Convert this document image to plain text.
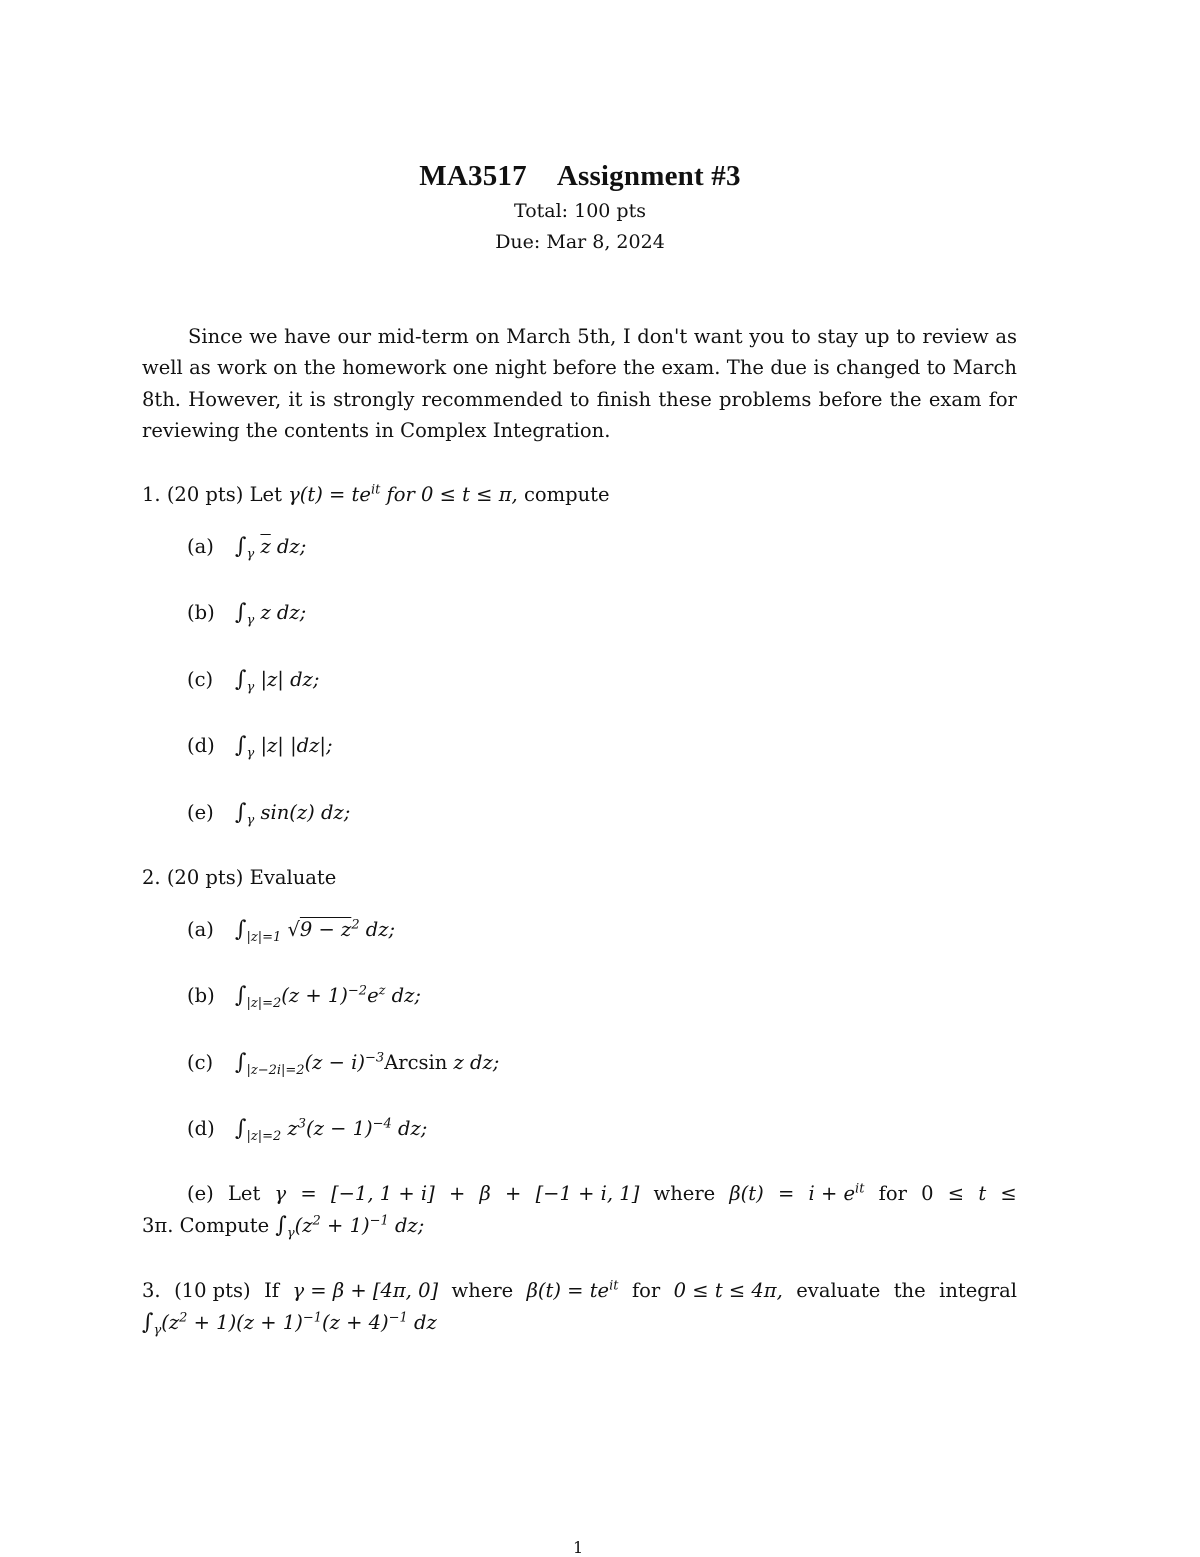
MA3517 Assignment #3
Total: 100 pts
Due: Mar 8, 2024
Since we have our mid-term on March 5th, I don't want you to stay up to review as well as work on the homework one night before the exam. The due is changed to March 8th. However, it is strongly recommended to finish these problems before the exam for reviewing the contents in Complex Integration.
1. (20 pts) Let $\gamma(t) = te^{it}$ for 0 ≤ t ≤ π, compute
(a) $\int_\gamma$ $\overline{z}$ dz;
(b) $\int_\gamma$ z dz;
(c) $\int_\gamma$ |z| dz;
(d) $\int_\gamma$ |z| |dz|;
(e) $\int_\gamma$ sin(z) dz;
2. (20 pts) Evaluate
(a) $\int_{|z|=1}$ $√9 - z^2$ dz;
(b) $\int_{|z|=2}(z + 1)^{-2}e^z$ dz;
(c) $\int_{|z-2i|=2}(z - i)^{-3}Arcsin$ z dz;
(d) $\int_{|z|=2}$ $z^3(z - 1)^{-4}$ dz;
(e) Let γ = [−1, 1 + i] + β + [−1 + i, 1] where $\beta(t) = i + e^{it}$ for 0 ≤ t ≤
3π. Compute $\int_\gamma(z^2 + 1)^{-1}$ dz;
3. (10 pts) If γ = β + [4π, 0] where $\beta(t) = te^{it}$ for 0 ≤ t ≤ 4π, evaluate the integral
$\int_\gamma(z^2 + 1)(z + 1)^{-1}(z + 4)^{-1}$ dz
1
